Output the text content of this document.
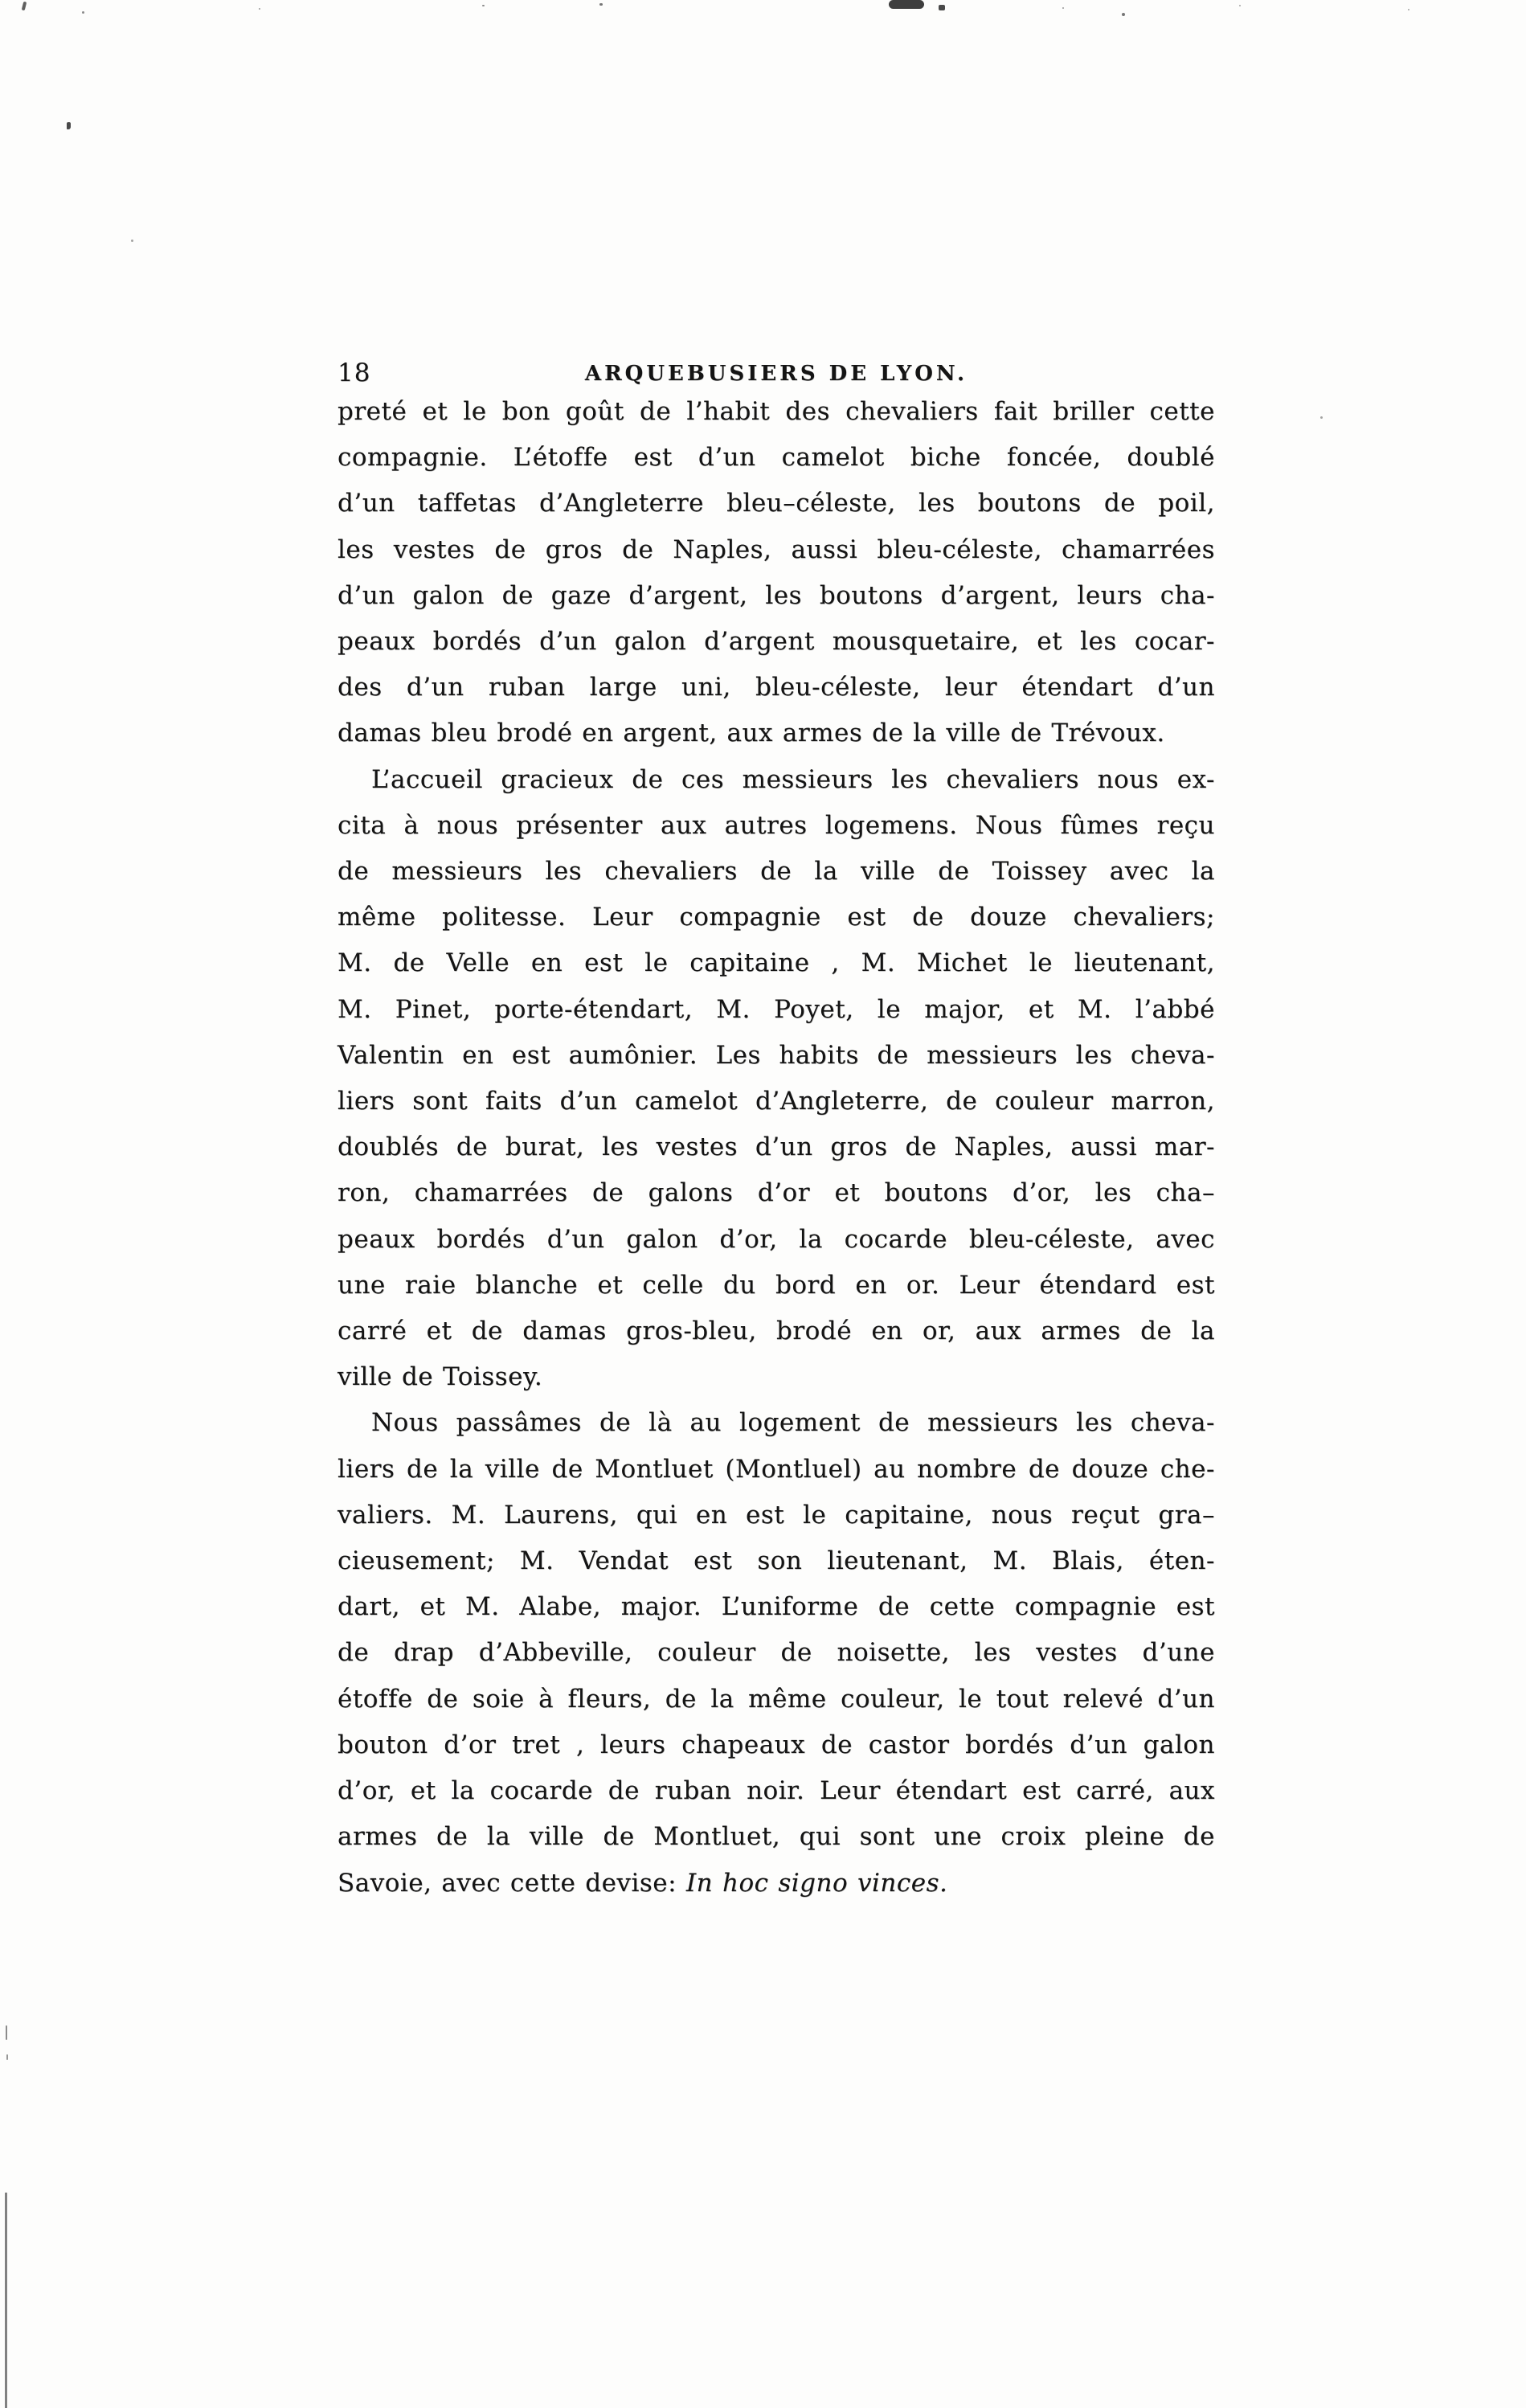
18	ARQUEBUSIERS DE LYON.
preté et le bon goût de l’habit des chevaliers fait briller cette
compagnie. L’étoffe est d’un camelot biche foncée, doublé
d’un taffetas d’Angleterre bleu–céleste, les boutons de poil,
les vestes de gros de Naples, aussi bleu-céleste, chamarrées
d’un galon de gaze d’argent, les boutons d’argent, leurs cha-
peaux bordés d’un galon d’argent mousquetaire, et les cocar-
des d’un ruban large uni, bleu-céleste, leur étendart d’un
damas bleu brodé en argent, aux armes de la ville de Trévoux.
L’accueil gracieux de ces messieurs les chevaliers nous ex-
cita à nous présenter aux autres logemens. Nous fûmes reçu
de messieurs les chevaliers de la ville de Toissey avec la
même politesse. Leur compagnie est de douze chevaliers;
M. de Velle en est le capitaine , M. Michet le lieutenant,
M. Pinet, porte-étendart, M. Poyet, le major, et M. l’abbé
Valentin en est aumônier. Les habits de messieurs les cheva-
liers sont faits d’un camelot d’Angleterre, de couleur marron,
doublés de burat, les vestes d’un gros de Naples, aussi mar-
ron, chamarrées de galons d’or et boutons d’or, les cha–
peaux bordés d’un galon d’or, la cocarde bleu-céleste, avec
une raie blanche et celle du bord en or. Leur étendard est
carré et de damas gros-bleu, brodé en or, aux armes de la
ville de Toissey.
Nous passâmes de là au logement de messieurs les cheva-
liers de la ville de Montluet (Montluel) au nombre de douze che-
valiers. M. Laurens, qui en est le capitaine, nous reçut gra–
cieusement; M. Vendat est son lieutenant, M. Blais, éten-
dart, et M. Alabe, major. L’uniforme de cette compagnie est
de drap d’Abbeville, couleur de noisette, les vestes d’une
étoffe de soie à fleurs, de la même couleur, le tout relevé d’un
bouton d’or tret , leurs chapeaux de castor bordés d’un galon
d’or, et la cocarde de ruban noir. Leur étendart est carré, aux
armes de la ville de Montluet, qui sont une croix pleine de
Savoie, avec cette devise: In hoc signo vinces.
